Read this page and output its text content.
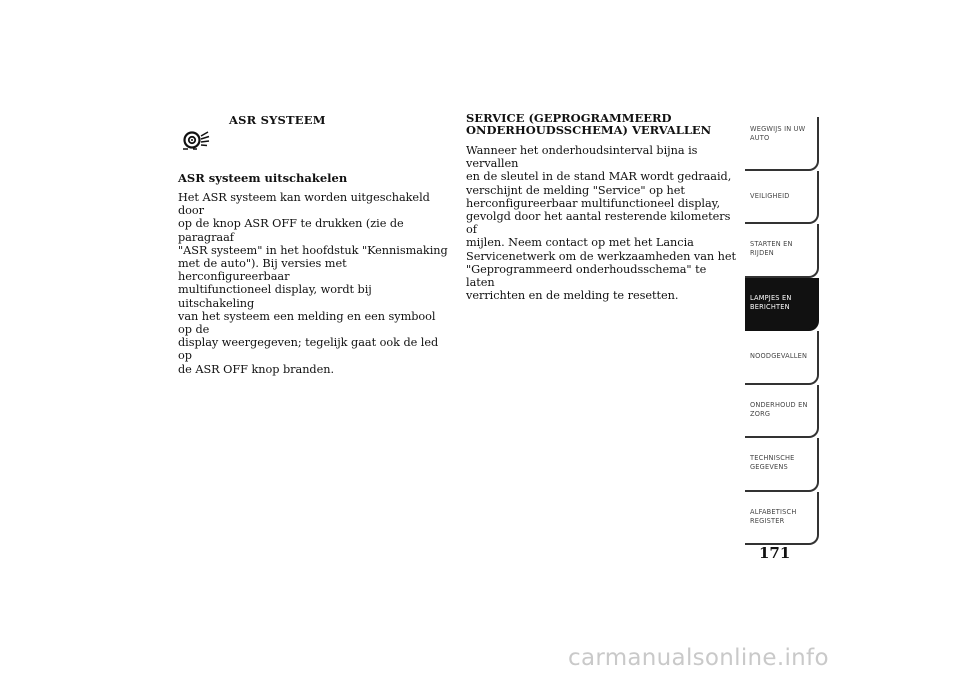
ASR SYSTEEM

ASR systeem uitschakelen

Het ASR systeem kan worden uitgeschakeld door
op de knop ASR OFF te drukken (zie de paragraaf
"ASR systeem" in het hoofdstuk "Kennismaking
met de auto"). Bij versies met herconfigureerbaar
multifunctioneel display, wordt bij uitschakeling
van het systeem een melding en een symbool op de
display weergegeven; tegelijk gaat ook de led op
de ASR OFF knop branden.
SERVICE (GEPROGRAMMEERD
ONDERHOUDSSCHEMA) VERVALLEN
Wanneer het onderhoudsinterval bijna is vervallen
en de sleutel in de stand MAR wordt gedraaid,
verschijnt de melding "Service" op het
herconfigureerbaar multifunctioneel display,
gevolgd door het aantal resterende kilometers of
mijlen. Neem contact op met het Lancia
Servicenetwerk om de werkzaamheden van het
"Geprogrammeerd onderhoudsschema" te laten
verrichten en de melding te resetten.
WEGWIJS IN UW
AUTO
VEILIGHEID
STARTEN EN
RIJDEN
LAMPJES EN
BERICHTEN
NOODGEVALLEN
ONDERHOUD EN
ZORG
TECHNISCHE
GEGEVENS
ALFABETISCH
REGISTER
171
carmanualsonline.info
